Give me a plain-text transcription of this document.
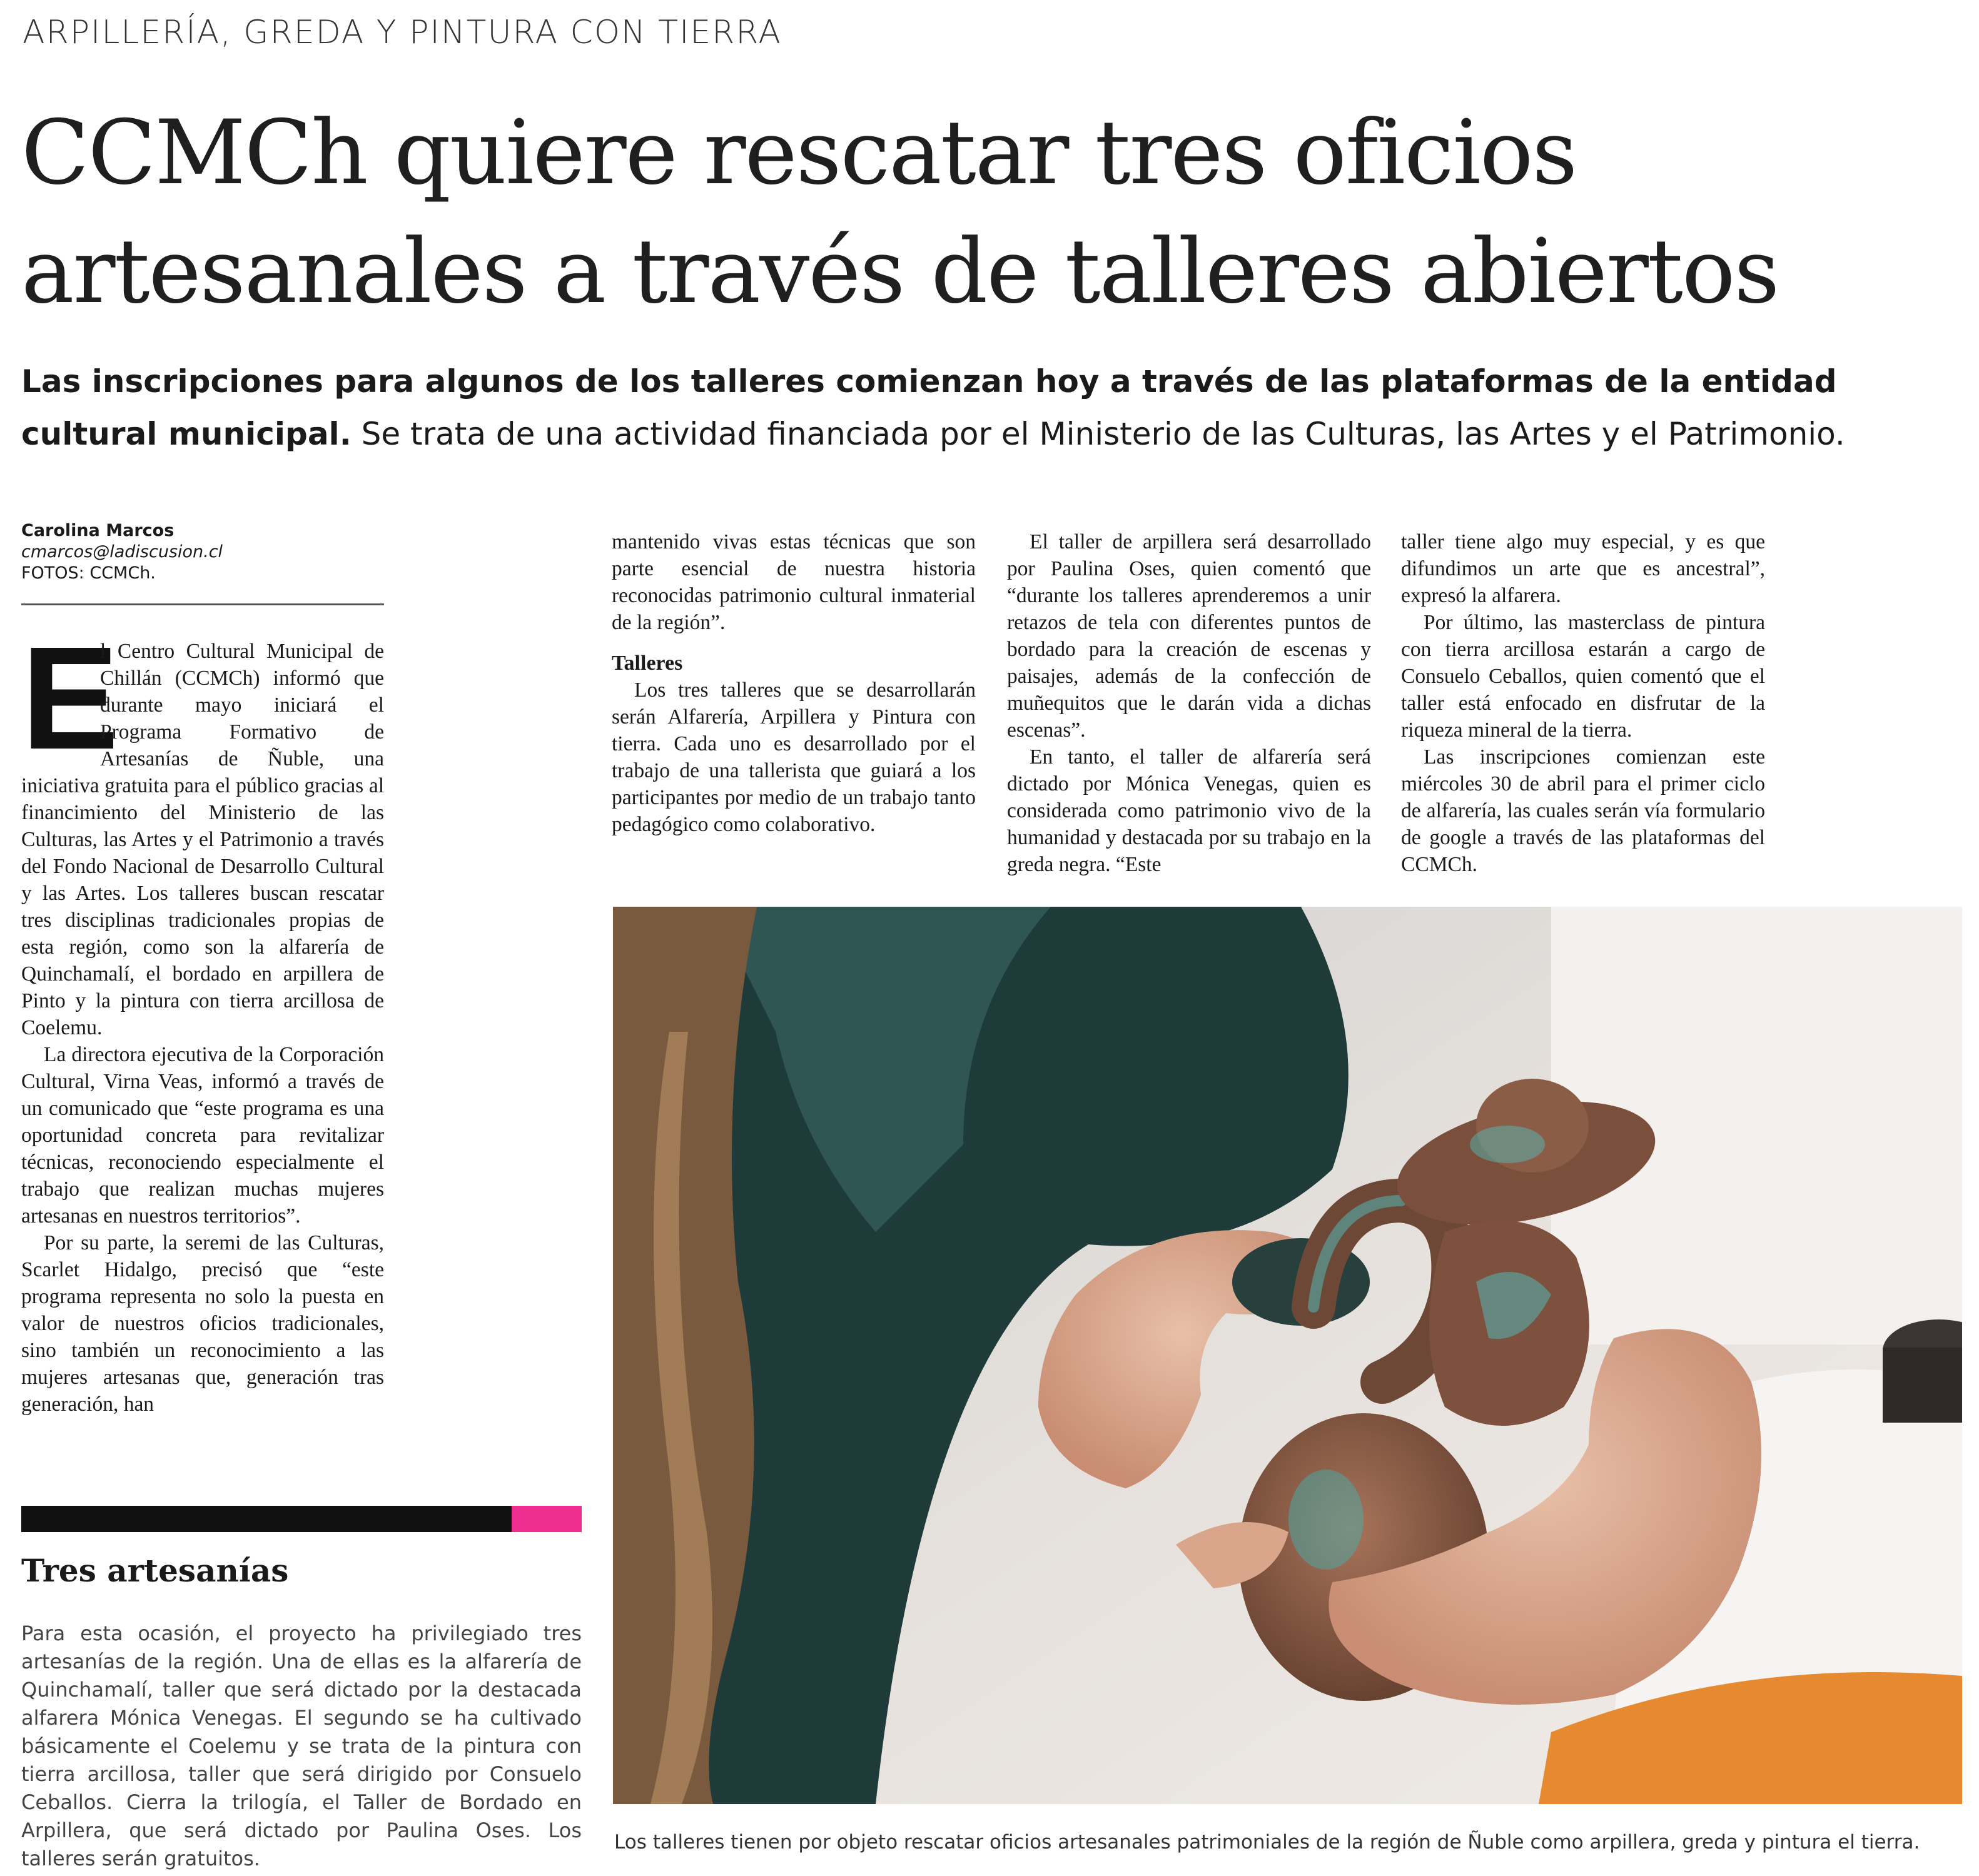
ARPILLERÍA, GREDA Y PINTURA CON TIERRA
CCMCh quiere rescatar tres oficios
artesanales a través de talleres abiertos
Las inscripciones para algunos de los talleres comienzan hoy a través de las plataformas de la entidad cultural municipal. Se trata de una actividad financiada por el Ministerio de las Culturas, las Artes y el Patrimonio.
Carolina Marcos
cmarcos@ladiscusion.cl
FOTOS: CCMCh.
E

l Centro Cultural Municipal de Chillán (CCMCh) informó que durante mayo iniciará el Programa Formativo de Artesanías de Ñuble, una iniciativa gratuita para el público gracias al financimiento del Ministerio de las Culturas, las Artes y el Patrimonio a través del Fondo Nacional de Desarrollo Cultural y las Artes. Los talleres buscan rescatar tres disciplinas tradicionales propias de esta región, como son la alfarería de Quinchamalí, el bordado en arpillera de Pinto y la pintura con tierra arcillosa de Coelemu.

La directora ejecutiva de la Corporación Cultural, Virna Veas, informó a través de un comunicado que “este programa es una oportunidad concreta para revitalizar técnicas, reconociendo especialmente el trabajo que realizan muchas mujeres artesanas en nuestros territorios”.

Por su parte, la seremi de las Culturas, Scarlet Hidalgo, precisó que “este programa representa no solo la puesta en valor de nuestros oficios tradicionales, sino también un reconocimiento a las mujeres artesanas que, generación tras generación, han

mantenido vivas estas técnicas que son parte esencial de nuestra historia reconocidas patrimonio cultural inmaterial de la región”.

Talleres

Los tres talleres que se desarrollarán serán Alfarería, Arpillera y Pintura con tierra. Cada uno es desarrollado por el trabajo de una tallerista que guiará a los participantes por medio de un trabajo tanto pedagógico como colaborativo.

El taller de arpillera será desarrollado por Paulina Oses, quien comentó que “durante los talleres aprenderemos a unir retazos de tela con diferentes puntos de bordado para la creación de escenas y paisajes, además de la confección de muñequitos que le darán vida a dichas escenas”.

En tanto, el taller de alfarería será dictado por Mónica Venegas, quien es considerada como patrimonio vivo de la humanidad y destacada por su trabajo en la greda negra. “Este

taller tiene algo muy especial, y es que difundimos un arte que es ancestral”, expresó la alfarera.

Por último, las masterclass de pintura con tierra arcillosa estarán a cargo de Consuelo Ceballos, quien comentó que el taller está enfocado en disfrutar de la riqueza mineral de la tierra.

Las inscripciones comienzan este miércoles 30 de abril para el primer ciclo de alfarería, las cuales serán vía formulario de google a través de las plataformas del CCMCh.

Tres artesanías
Para esta ocasión, el proyecto ha privilegiado tres artesanías de la región. Una de ellas es la alfarería de Quinchamalí, taller que será dictado por la destacada alfarera Mónica Venegas. El segundo se ha cultivado básicamente el Coelemu y se trata de la pintura con tierra arcillosa, taller que será dirigido por Consuelo Ceballos. Cierra la trilogía, el Taller de Bordado en Arpillera, que será dictado por Paulina Oses. Los talleres serán gratuitos.
Los talleres tienen por objeto rescatar oficios artesanales patrimoniales de la región de Ñuble como arpillera, greda y pintura el tierra.
